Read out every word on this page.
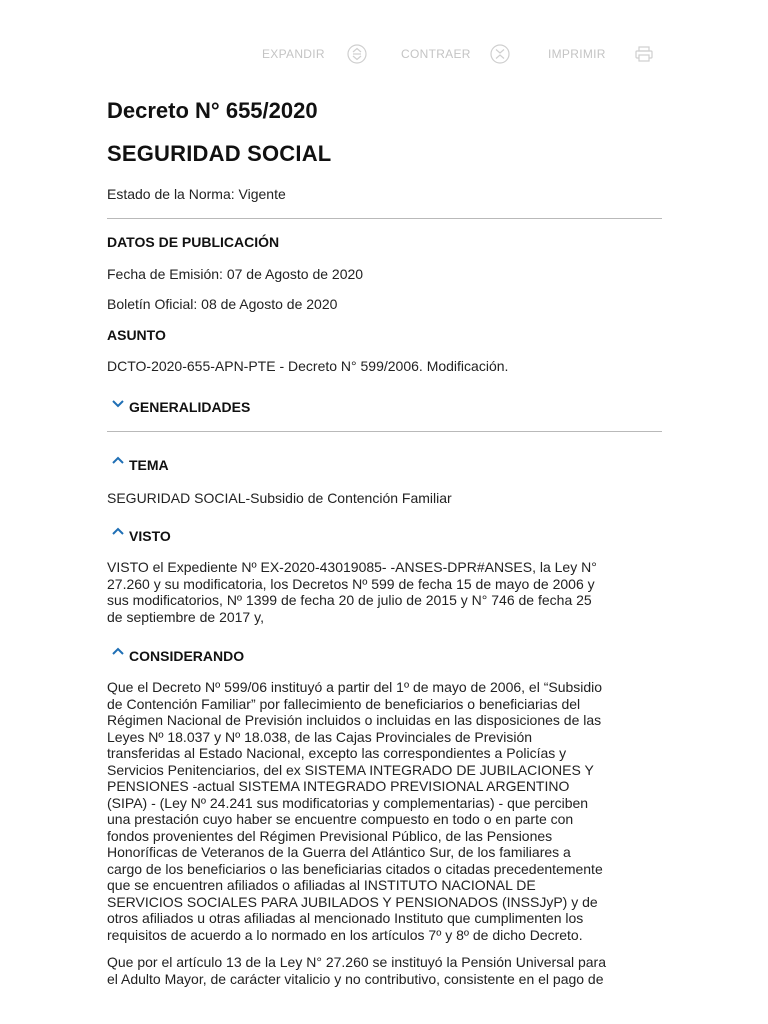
EXPANDIR	CONTRAER	IMPRIMIR
Decreto N° 655/2020
SEGURIDAD SOCIAL
Estado de la Norma: Vigente
DATOS DE PUBLICACIÓN
Fecha de Emisión: 07 de Agosto de 2020
Boletín Oficial: 08 de Agosto de 2020
ASUNTO
DCTO-2020-655-APN-PTE - Decreto N° 599/2006. Modificación.
GENERALIDADES
TEMA
SEGURIDAD SOCIAL-Subsidio de Contención Familiar
VISTO
VISTO el Expediente Nº EX-2020-43019085- -ANSES-DPR#ANSES, la Ley N°
27.260 y su modificatoria, los Decretos Nº 599 de fecha 15 de mayo de 2006 y
sus modificatorios, Nº 1399 de fecha 20 de julio de 2015 y N° 746 de fecha 25
de septiembre de 2017 y,
CONSIDERANDO
Que el Decreto Nº 599/06 instituyó a partir del 1º de mayo de 2006, el “Subsidio
de Contención Familiar” por fallecimiento de beneficiarios o beneficiarias del
Régimen Nacional de Previsión incluidos o incluidas en las disposiciones de las
Leyes Nº 18.037 y Nº 18.038, de las Cajas Provinciales de Previsión
transferidas al Estado Nacional, excepto las correspondientes a Policías y
Servicios Penitenciarios, del ex SISTEMA INTEGRADO DE JUBILACIONES Y
PENSIONES -actual SISTEMA INTEGRADO PREVISIONAL ARGENTINO
(SIPA) - (Ley Nº 24.241 sus modificatorias y complementarias) - que perciben
una prestación cuyo haber se encuentre compuesto en todo o en parte con
fondos provenientes del Régimen Previsional Público, de las Pensiones
Honoríficas de Veteranos de la Guerra del Atlántico Sur, de los familiares a
cargo de los beneficiarios o las beneficiarias citados o citadas precedentemente
que se encuentren afiliados o afiliadas al INSTITUTO NACIONAL DE
SERVICIOS SOCIALES PARA JUBILADOS Y PENSIONADOS (INSSJyP) y de
otros afiliados u otras afiliadas al mencionado Instituto que cumplimenten los
requisitos de acuerdo a lo normado en los artículos 7º y 8º de dicho Decreto.
Que por el artículo 13 de la Ley N° 27.260 se instituyó la Pensión Universal para
el Adulto Mayor, de carácter vitalicio y no contributivo, consistente en el pago de
